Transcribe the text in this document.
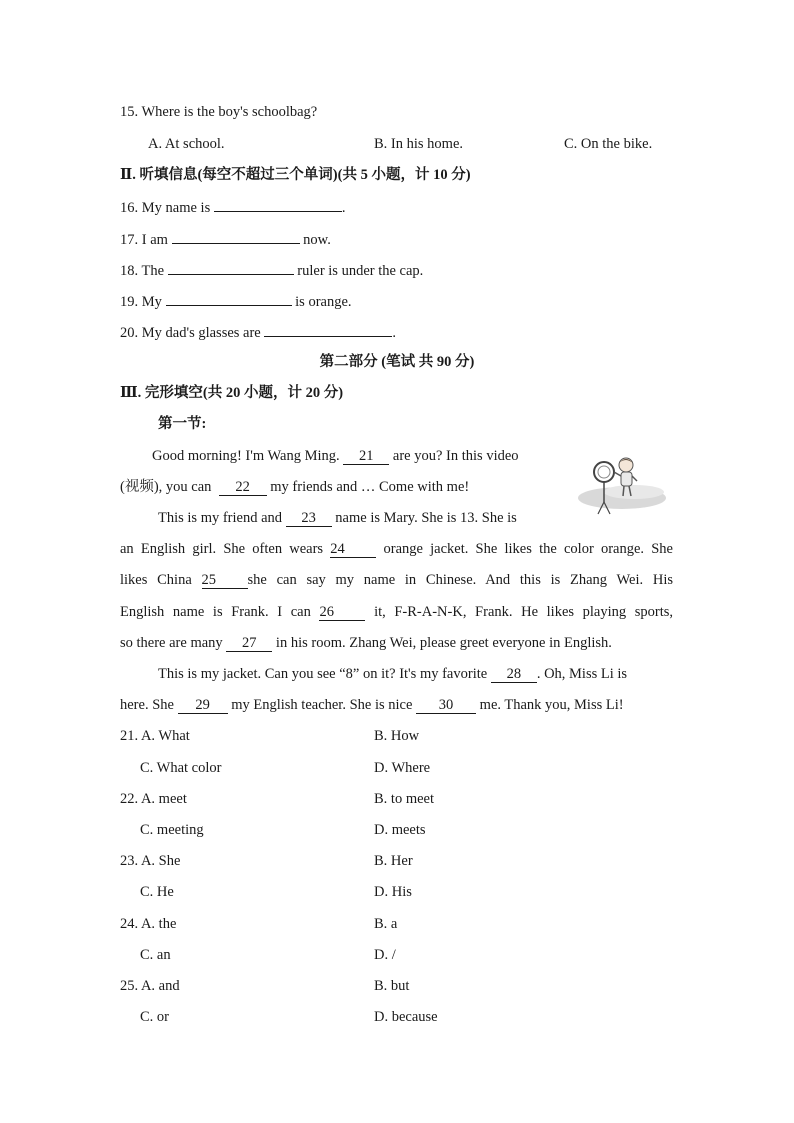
15. Where is the boy's schoolbag?
A. At school.	B. In his home.	C. On the bike.
Ⅱ. 听填信息(每空不超过三个单词)(共 5 小题，计 10 分)
16. My name is	.
17. I am	now.
18. The	ruler is under the cap.
19. My	is orange.
20. My dad's glasses are	.
第二部分 (笔试 共 90 分)
Ⅲ. 完形填空(共 20 小题，计 20 分)
第一节:
Good morning! I'm Wang Ming. 21 are you? In this video
(视频), you can 22 my friends and … Come with me!
This is my friend and 23 name is Mary. She is 13. She is
an English girl. She often wears 24	orange jacket. She likes the color orange. She
likes China 25 she can say my name in Chinese. And this is Zhang Wei. His
English name is Frank. I can 26	it, F-R-A-N-K, Frank. He likes playing sports,
so there are many 27 in his room. Zhang Wei, please greet everyone in English.
This is my jacket. Can you see “8” on it? It's my favorite 28 . Oh, Miss Li is
here. She 29 my English teacher. She is nice 30 me. Thank you, Miss Li!
21. A. What	B. How
C. What color	D. Where
22. A. meet	B. to meet
C. meeting	D. meets
23. A. She	B. Her
C. He	D. His
24. A. the	B. a
C. an	D. /
25. A. and	B. but
C. or	D. because
